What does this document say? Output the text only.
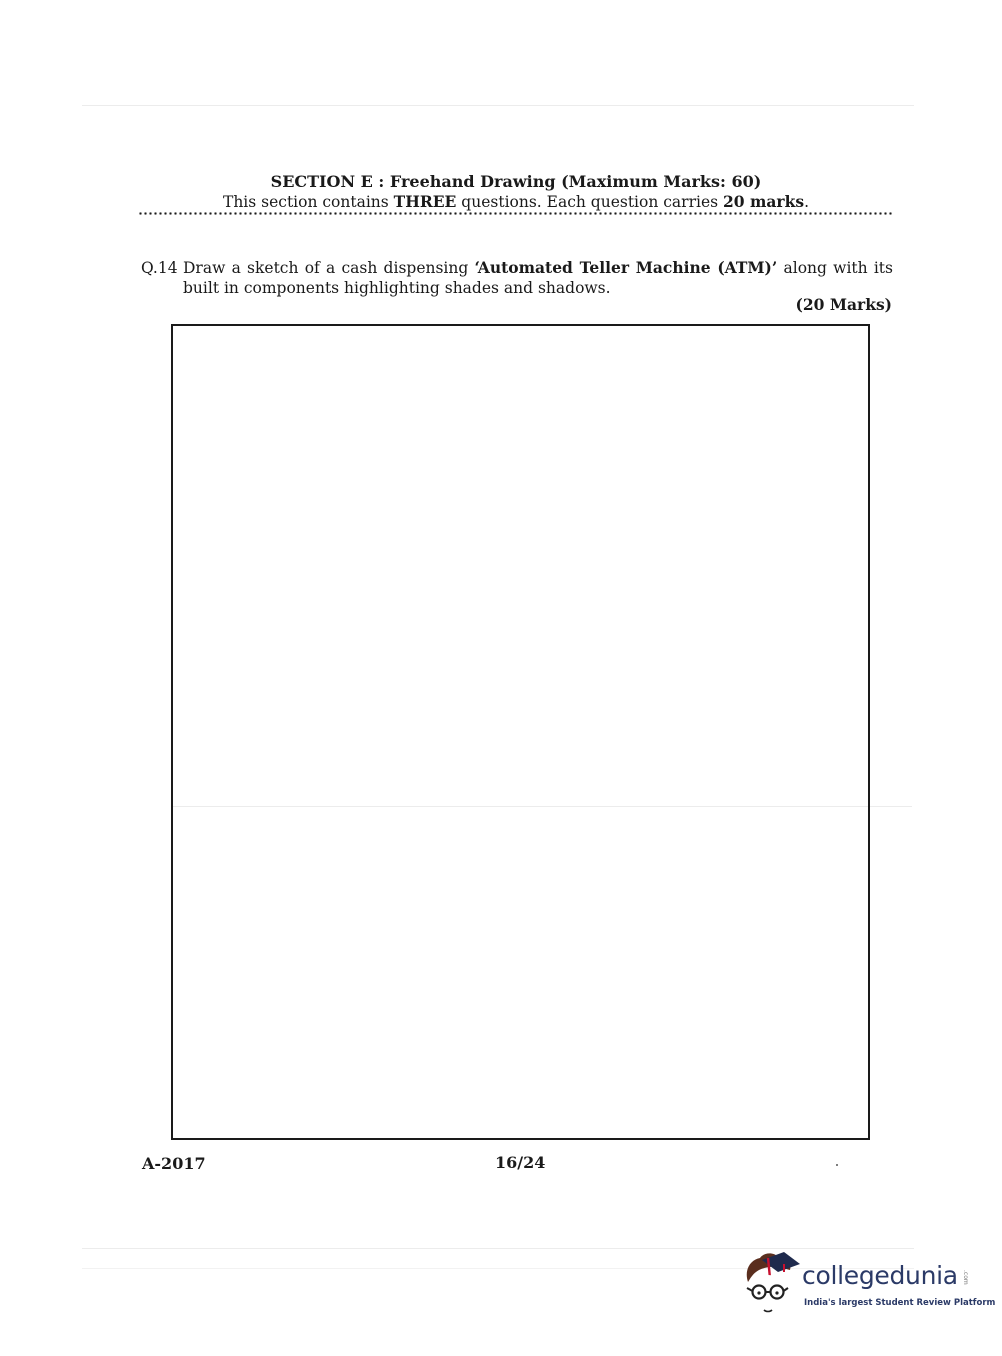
SECTION E : Freehand Drawing (Maximum Marks: 60)
This section contains THREE questions. Each question carries 20 marks.
Q.14 Draw a sketch of a cash dispensing ‘Automated Teller Machine (ATM)’ along with its built in components highlighting shades and shadows.
(20 Marks)
A-2017	16/24
collegedunia .com
India's largest Student Review Platform
